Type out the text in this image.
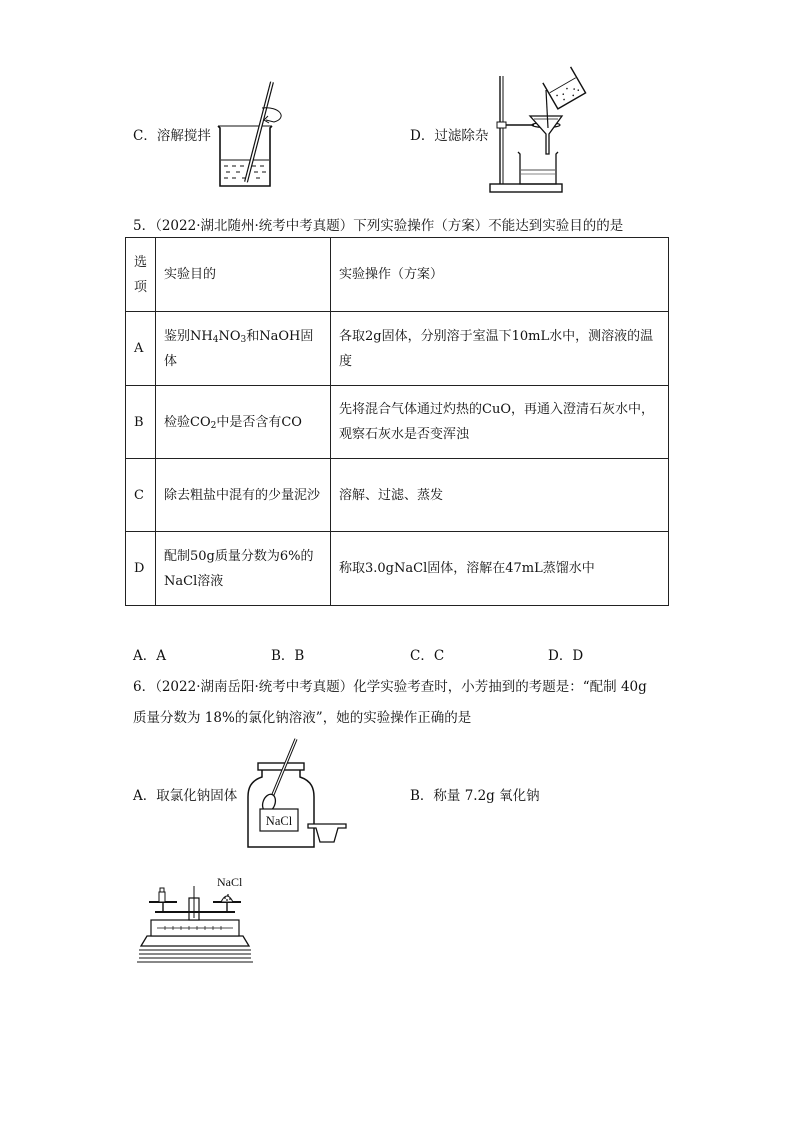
C．溶解搅拌	D．过滤除杂
5．（2022·湖北随州·统考中考真题）下列实验操作（方案）不能达到实验目的的是
选
项	实验目的	实验操作（方案）
A	鉴别$NH_4NO_3$和NaOH固体	各取2g固体，分别溶于室温下10mL水中，测溶液的温度
B	检验$CO_2$中是否含有CO	先将混合气体通过灼热的CuO，再通入澄清石灰水中，观察石灰水是否变浑浊
C	除去粗盐中混有的少量泥沙	溶解、过滤、蒸发
D	配制50g质量分数为6%的NaCl溶液	称取3.0gNaCl固体，溶解在47mL蒸馏水中
A．A	B．B	C．C	D．D
6．（2022·湖南岳阳·统考中考真题）化学实验考查时，小芳抽到的考题是：“配制 40g
质量分数为 18%的氯化钠溶液”，她的实验操作正确的是
A．取氯化钠固体
NaCl
B．称量 7.2g 氧化钠
NaCl
